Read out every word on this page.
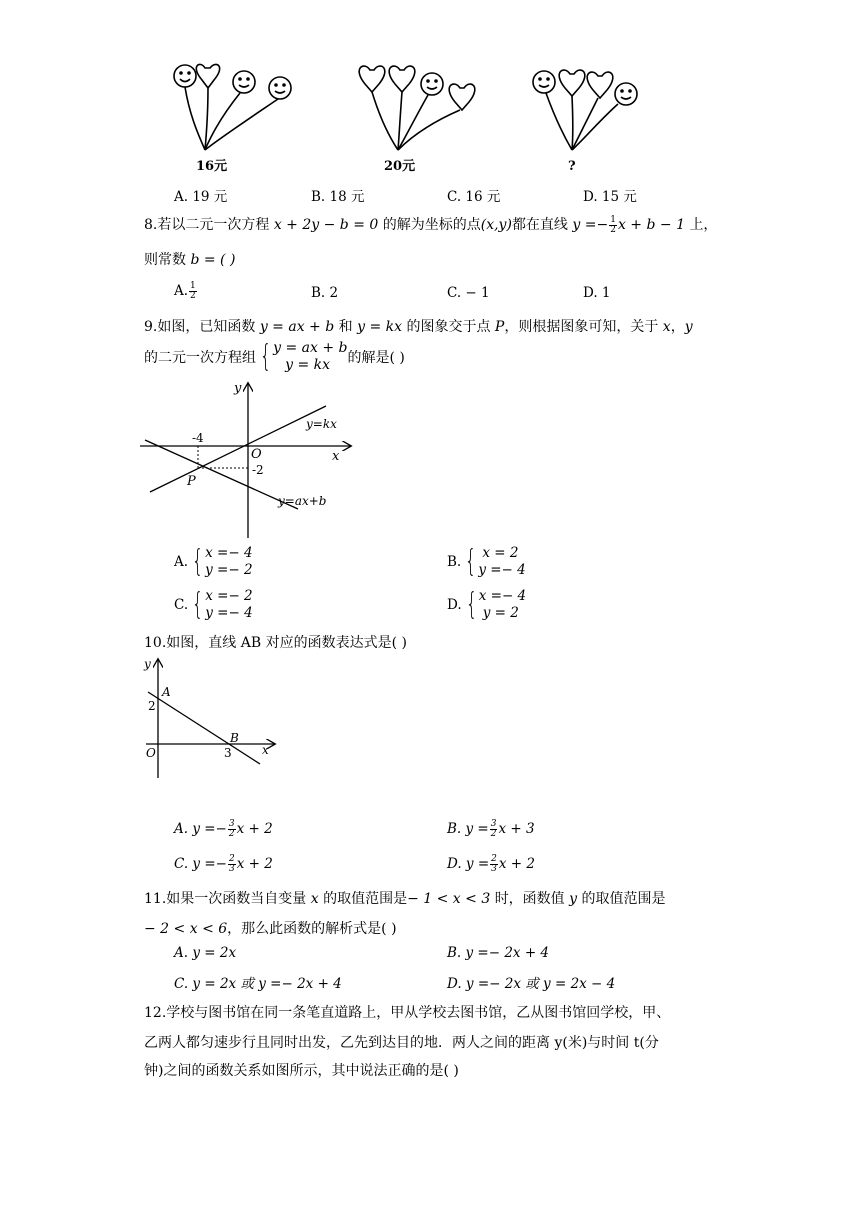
16元	20元	?
A. 19 元	B. 18 元	C. 16 元	D. 15 元
8.若以二元一次方程 x + 2y − b = 0 的解为坐标的点(x,y)都在直线 $y =- \frac{1}{2}$ x + b − 1 上，
则常数 b = ( )
A. $\frac{1}{2}$	B. 2	C. − 1	D. 1
9.如图，已知函数 y = ax + b 和 y = kx 的图象交于点 P，则根据图象可知，关于 x，y
的二元一次方程组 { y = ax + b
y = kx	的解是( )
y
x
O
-4
-2
P
y=kx
y=ax+b
A. { x =− 4
y =− 2	B. { x = 2
y =− 4
C. { x =− 2
y =− 4	D. { x =− 4
y = 2
10.如图，直线 AB 对应的函数表达式是( )
y
x
O
A
B
2
3
A. $y =- \frac{3}{2}$ x + 2	B. $y = \frac{3}{2}$ x + 3
C. $y =- \frac{2}{3}$ x + 2	D. $y = \frac{2}{3}$ x + 2
11.如果一次函数当自变量 x 的取值范围是− 1 < x < 3 时，函数值 y 的取值范围是
− 2 < x < 6，那么此函数的解析式是( )
A. y = 2x	B. y =− 2x + 4
C. y = 2x 或 y =− 2x + 4	D. y =− 2x 或 y = 2x − 4
12.学校与图书馆在同一条笔直道路上，甲从学校去图书馆，乙从图书馆回学校，甲、
乙两人都匀速步行且同时出发，乙先到达目的地．两人之间的距离 y(米)与时间 t(分
钟)之间的函数关系如图所示，其中说法正确的是( )
